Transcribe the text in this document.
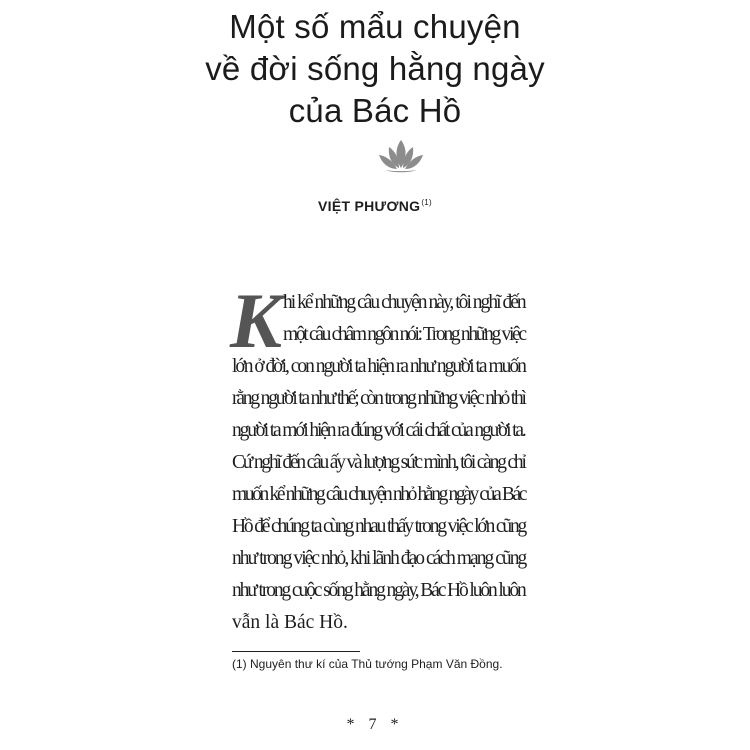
Một số mẩu chuyện
về đời sống hằng ngày
của Bác Hồ
VIỆT PHƯƠNG$^{(1)}$
K hi kể những câu chuyện này, tôi nghĩ đến
một câu châm ngôn nói: Trong những việc
lớn ở đời, con người ta hiện ra như người ta muốn
rằng người ta như thế; còn trong những việc nhỏ thì
người ta mới hiện ra đúng với cái chất của người ta.
Cứ nghĩ đến câu ấy và lượng sức mình, tôi càng chỉ
muốn kể những câu chuyện nhỏ hằng ngày của Bác
Hồ để chúng ta cùng nhau thấy trong việc lớn cũng
như trong việc nhỏ, khi lãnh đạo cách mạng cũng
như trong cuộc sống hằng ngày, Bác Hồ luôn luôn
vẫn là Bác Hồ.
(1) Nguyên thư kí của Thủ tướng Phạm Văn Đồng.
* 7 *
